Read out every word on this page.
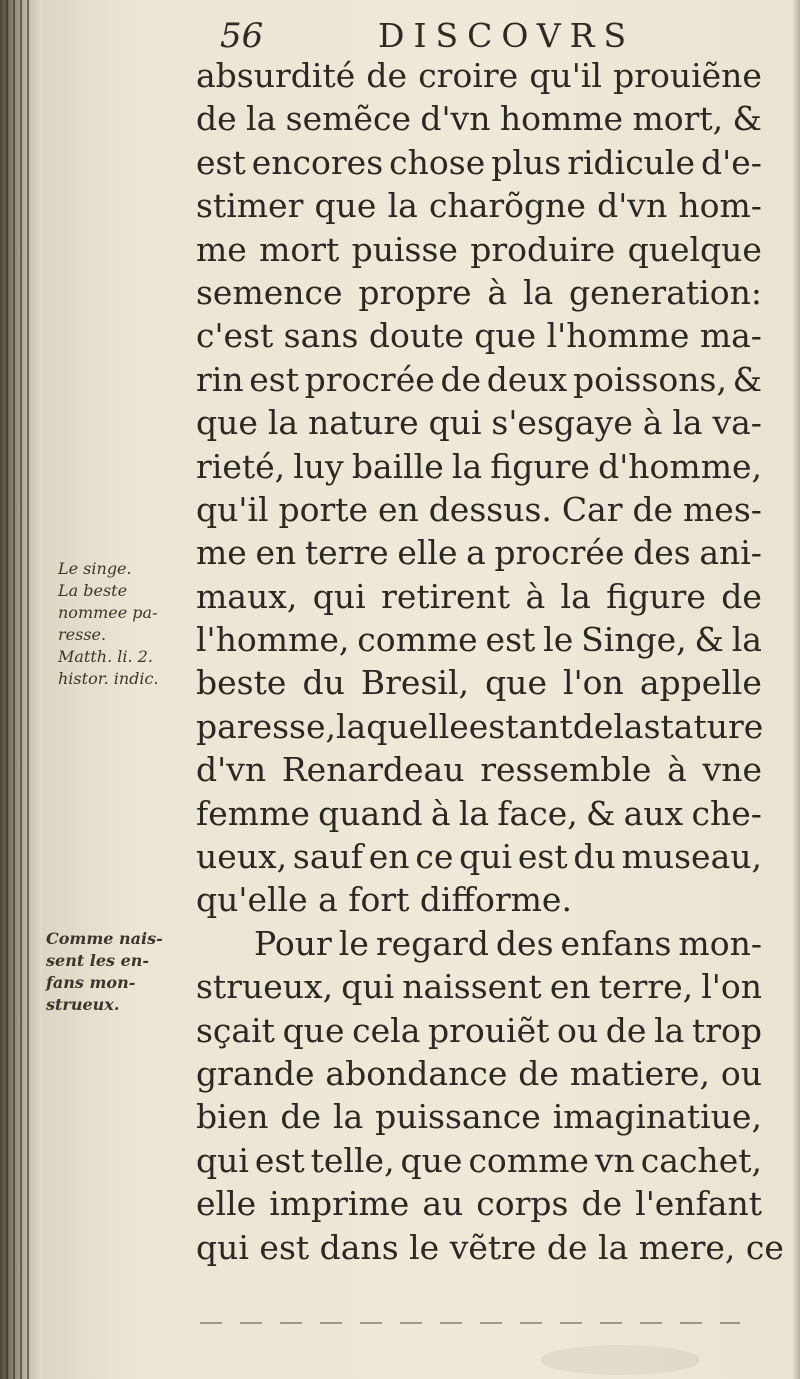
56	DISCOVRS
absurdité de croire qu'il prouiẽne
de la semẽce d'vn homme mort, &
est encores chose plus ridicule d'e-
stimer que la charõgne d'vn hom-
me mort puisse produire quelque
semence propre à la generation:
c'est sans doute que l'homme ma-
rin est procrée de deux poissons, &
que la nature qui s'esgaye à la va-
rieté, luy baille la figure d'homme,
qu'il porte en dessus. Car de mes-
me en terre elle a procrée des ani-
maux, qui retirent à la figure de
l'homme, comme est le Singe, & la
beste du Bresil, que l'on appelle
paresse, laquelle estant de la stature
d'vn Renardeau ressemble à vne
femme quand à la face, & aux che-
ueux, sauf en ce qui est du museau,
qu'elle a fort difforme.
Pour le regard des enfans mon-
strueux, qui naissent en terre, l'on
sçait que cela prouiẽt ou de la trop
grande abondance de matiere, ou
bien de la puissance imaginatiue,
qui est telle, que comme vn cachet,
elle imprime au corps de l'enfant
qui est dans le vẽtre de la mere, ce
Le singe.
La beste
nommee pa-
resse.
Matth. li. 2.
histor. indic.
Comme nais-
sent les en-
fans mon-
strueux.
